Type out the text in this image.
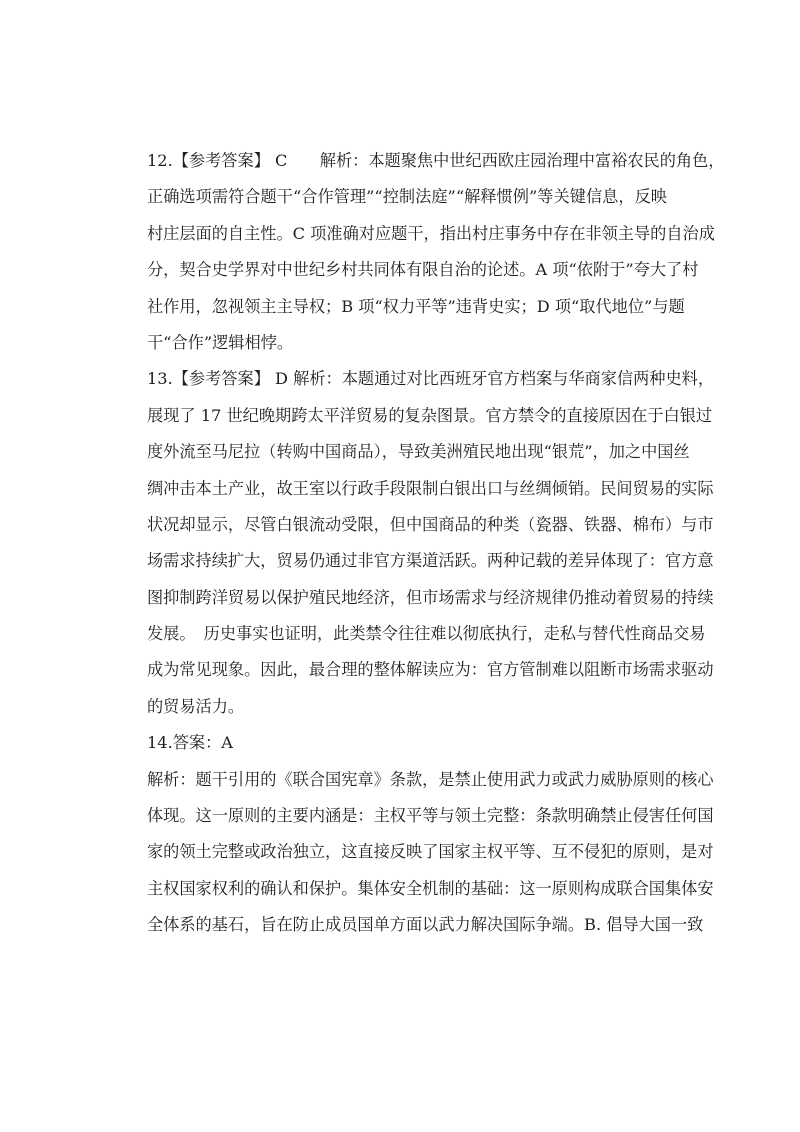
12.【参考答案】 C　　解析：本题聚焦中世纪西欧庄园治理中富裕农民的角色，
正确选项需符合题干“合作管理”“控制法庭”“解释惯例”等关键信息，反映
村庄层面的自主性。C 项准确对应题干，指出村庄事务中存在非领主导的自治成
分，契合史学界对中世纪乡村共同体有限自治的论述。A 项“依附于”夸大了村
社作用，忽视领主主导权；B 项“权力平等”违背史实；D 项“取代地位”与题
干“合作”逻辑相悖。
13.【参考答案】 D 解析：本题通过对比西班牙官方档案与华商家信两种史料，
展现了 17 世纪晚期跨太平洋贸易的复杂图景。官方禁令的直接原因在于白银过
度外流至马尼拉（转购中国商品），导致美洲殖民地出现“银荒”，加之中国丝
绸冲击本土产业，故王室以行政手段限制白银出口与丝绸倾销。民间贸易的实际
状况却显示，尽管白银流动受限，但中国商品的种类（瓷器、铁器、棉布）与市
场需求持续扩大，贸易仍通过非官方渠道活跃。两种记载的差异体现了：官方意
图抑制跨洋贸易以保护殖民地经济，但市场需求与经济规律仍推动着贸易的持续
发展。　历史事实也证明，此类禁令往往难以彻底执行，走私与替代性商品交易
成为常见现象。因此，最合理的整体解读应为：官方管制难以阻断市场需求驱动
的贸易活力。
14.答案：A
解析：题干引用的《联合国宪章》条款，是禁止使用武力或武力威胁原则的核心
体现。这一原则的主要内涵是：主权平等与领土完整：条款明确禁止侵害任何国
家的领土完整或政治独立，这直接反映了国家主权平等、互不侵犯的原则，是对
主权国家权利的确认和保护。集体安全机制的基础：这一原则构成联合国集体安
全体系的基石，旨在防止成员国单方面以武力解决国际争端。B. 倡导大国一致
